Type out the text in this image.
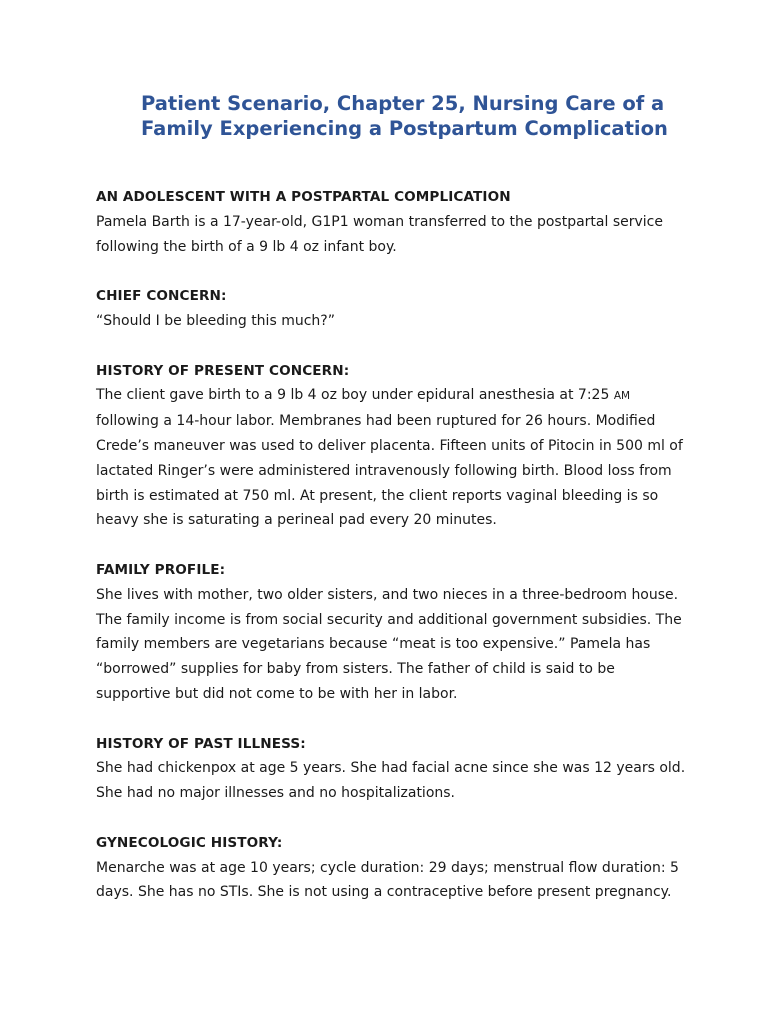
Patient Scenario, Chapter 25, Nursing Care of a Family Experiencing a Postpartum Complication

AN ADOLESCENT WITH A POSTPARTAL COMPLICATION

Pamela Barth is a 17-year-old, G1P1 woman transferred to the postpartal service following the birth of a 9 lb 4 oz infant boy.

CHIEF CONCERN:

“Should I be bleeding this much?”

HISTORY OF PRESENT CONCERN:

The client gave birth to a 9 lb 4 oz boy under epidural anesthesia at 7:25 AM following a 14-hour labor. Membranes had been ruptured for 26 hours. Modified Crede’s maneuver was used to deliver placenta. Fifteen units of Pitocin in 500 ml of lactated Ringer’s were administered intravenously following birth. Blood loss from birth is estimated at 750 ml. At present, the client reports vaginal bleeding is so heavy she is saturating a perineal pad every 20 minutes.

FAMILY PROFILE:

She lives with mother, two older sisters, and two nieces in a three-bedroom house. The family income is from social security and additional government subsidies. The family members are vegetarians because “meat is too expensive.” Pamela has “borrowed” supplies for baby from sisters. The father of child is said to be supportive but did not come to be with her in labor.

HISTORY OF PAST ILLNESS:

She had chickenpox at age 5 years. She had facial acne since she was 12 years old. She had no major illnesses and no hospitalizations.

GYNECOLOGIC HISTORY:

Menarche was at age 10 years; cycle duration: 29 days; menstrual flow duration: 5 days. She has no STIs. She is not using a contraceptive before present pregnancy.
